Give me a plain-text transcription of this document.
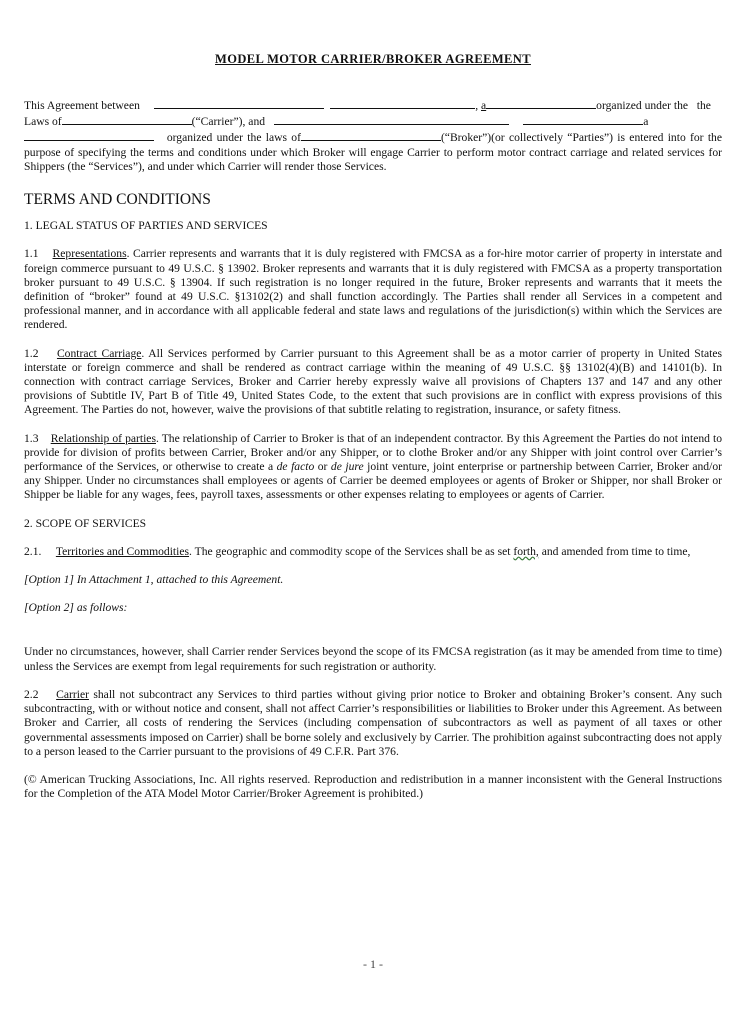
MODEL MOTOR CARRIER/BROKER AGREEMENT

This Agreement between	, a	organized under the   the
Laws of	(“Carrier”), and	a
organized under the laws of	(“Broker”)(or collectively “Parties”) is entered into for the purpose of specifying the terms and conditions under which Broker will engage Carrier to perform motor contract carriage and related services for Shippers (the “Services”), and under which Carrier will render those Services.

TERMS AND CONDITIONS

1. LEGAL STATUS OF PARTIES AND SERVICES

1.1 Representations. Carrier represents and warrants that it is duly registered with FMCSA as a for-hire motor carrier of property in interstate and foreign commerce pursuant to 49 U.S.C. § 13902. Broker represents and warrants that it is duly registered with FMCSA as a property transportation broker pursuant to 49 U.S.C. § 13904. If such registration is no longer required in the future, Broker represents and warrants that it meets the definition of “broker” found at 49 U.S.C. §13102(2) and shall function accordingly. The Parties shall render all Services in a competent and professional manner, and in accordance with all applicable federal and state laws and regulations of the jurisdiction(s) within which the Services are rendered.

1.2 Contract Carriage. All Services performed by Carrier pursuant to this Agreement shall be as a motor carrier of property in United States interstate or foreign commerce and shall be rendered as contract carriage within the meaning of 49 U.S.C. §§ 13102(4)(B) and 14101(b). In connection with contract carriage Services, Broker and Carrier hereby expressly waive all provisions of Chapters 137 and 147 and any other provisions of Subtitle IV, Part B of Title 49, United States Code, to the extent that such provisions are in conflict with express provisions of this Agreement. The Parties do not, however, waive the provisions of that subtitle relating to registration, insurance, or safety fitness.

1.3 Relationship of parties. The relationship of Carrier to Broker is that of an independent contractor. By this Agreement the Parties do not intend to provide for division of profits between Carrier, Broker and/or any Shipper, or to clothe Broker and/or any Shipper with joint control over Carrier’s performance of the Services, or otherwise to create a de facto or de jure joint venture, joint enterprise or partnership between Carrier, Broker and/or any Shipper. Under no circumstances shall employees or agents of Carrier be deemed employees or agents of Broker or Shipper, nor shall Broker or Shipper be liable for any wages, fees, payroll taxes, assessments or other expenses relating to employees or agents of Carrier.

2. SCOPE OF SERVICES

2.1. Territories and Commodities. The geographic and commodity scope of the Services shall be as set forth, and amended from time to time,

[Option 1] In Attachment 1, attached to this Agreement.

[Option 2] as follows:

Under no circumstances, however, shall Carrier render Services beyond the scope of its FMCSA registration (as it may be amended from time to time) unless the Services are exempt from legal requirements for such registration or authority.

2.2 Carrier shall not subcontract any Services to third parties without giving prior notice to Broker and obtaining Broker’s consent. Any such subcontracting, with or without notice and consent, shall not affect Carrier’s responsibilities or liabilities to Broker under this Agreement. As between Broker and Carrier, all costs of rendering the Services (including compensation of subcontractors as well as payment of all taxes or other governmental assessments imposed on Carrier) shall be borne solely and exclusively by Carrier. The prohibition against subcontracting does not apply to a person leased to the Carrier pursuant to the provisions of 49 C.F.R. Part 376.

(© American Trucking Associations, Inc. All rights reserved. Reproduction and redistribution in a manner inconsistent with the General Instructions for the Completion of the ATA Model Motor Carrier/Broker Agreement is prohibited.)

- 1 -
